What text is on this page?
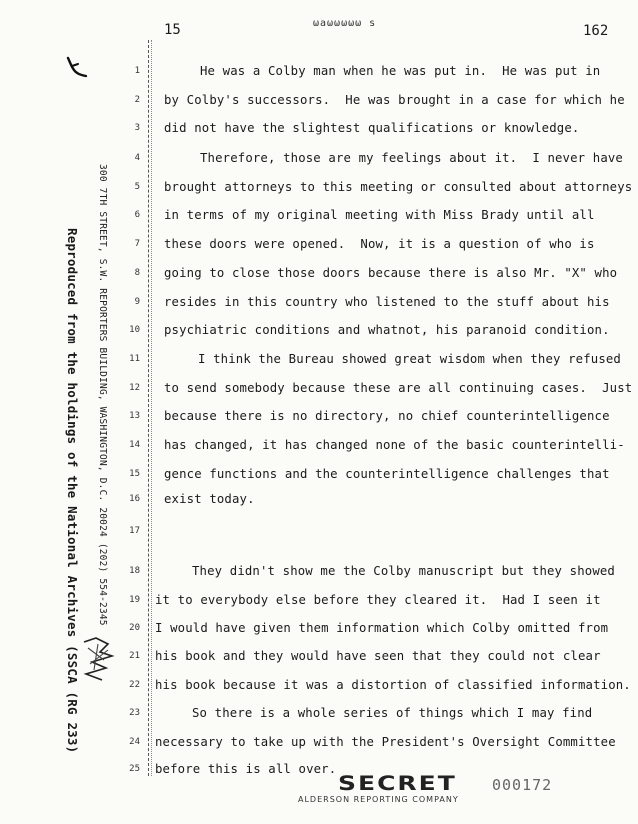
15	ωaωωωωω s	162
Reproduced from the holdings of the National Archives (SSCA (RG 233) 300 7TH STREET, S.W. REPORTERS BUILDING, WASHINGTON, D.C. 20024 (202) 554-2345
1
2
3
4
5
6
7
8
9
10
11
12
13
14
15
16
17
18
19
20
21
22
23
24
25
He was a Colby man when he was put in.  He was put in
by Colby's successors.  He was brought in a case for which he
did not have the slightest qualifications or knowledge.
Therefore, those are my feelings about it.  I never have
brought attorneys to this meeting or consulted about attorneys
in terms of my original meeting with Miss Brady until all
these doors were opened.  Now, it is a question of who is
going to close those doors because there is also Mr. "X" who
resides in this country who listened to the stuff about his
psychiatric conditions and whatnot, his paranoid condition.
I think the Bureau showed great wisdom when they refused
to send somebody because these are all continuing cases.  Just
because there is no directory, no chief counterintelligence
has changed, it has changed none of the basic counterintelli-
gence functions and the counterintelligence challenges that
exist today.
They didn't show me the Colby manuscript but they showed
it to everybody else before they cleared it.  Had I seen it
I would have given them information which Colby omitted from
his book and they would have seen that they could not clear
his book because it was a distortion of classified information.
So there is a whole series of things which I may find
necessary to take up with the President's Oversight Committee
before this is all over.
SECRET
ALDERSON REPORTING COMPANY
000172
